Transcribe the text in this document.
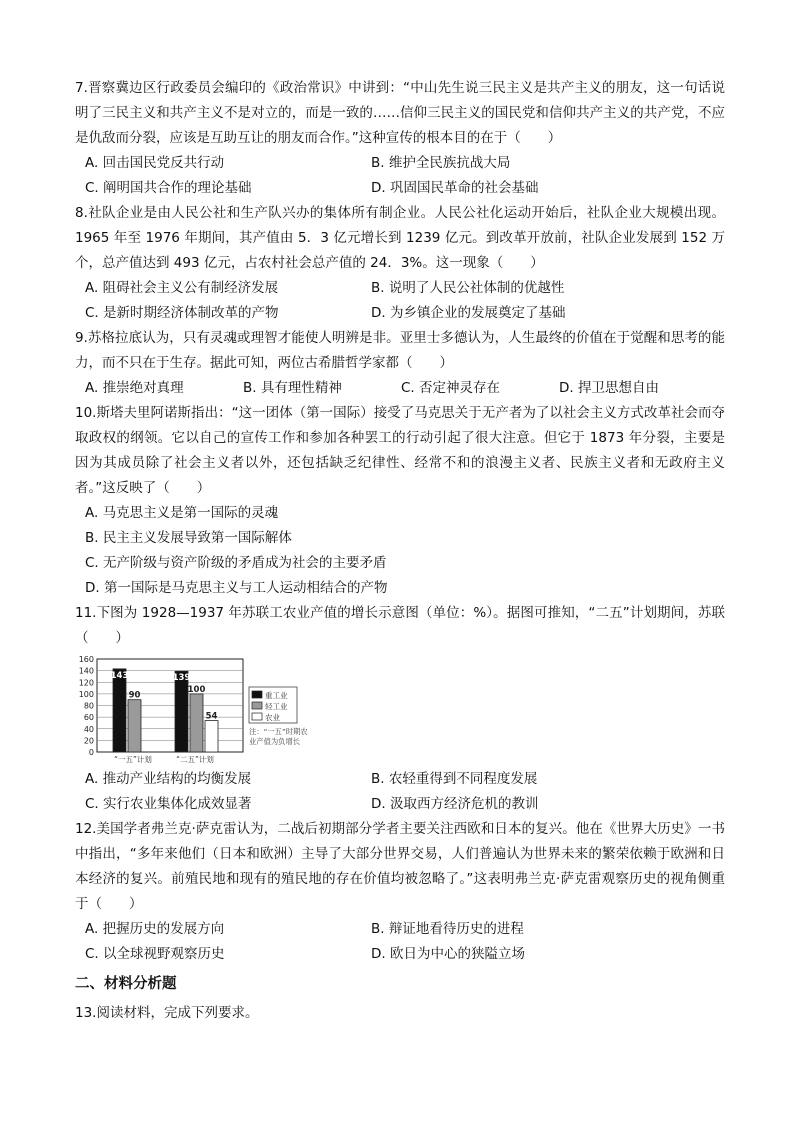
7.晋察冀边区行政委员会编印的《政治常识》中讲到：“中山先生说三民主义是共产主义的朋友，这一句话说明了三民主义和共产主义不是对立的，而是一致的……信仰三民主义的国民党和信仰共产主义的共产党，不应是仇敌而分裂，应该是互助互让的朋友而合作。”这种宣传的根本目的在于（　　）

A. 回击国民党反共行动	B. 维护全民族抗战大局
C. 阐明国共合作的理论基础	D. 巩固国民革命的社会基础

8.社队企业是由人民公社和生产队兴办的集体所有制企业。人民公社化运动开始后，社队企业大规模出现。1965 年至 1976 年期间，其产值由 5．3 亿元增长到 1239 亿元。到改革开放前，社队企业发展到 152 万个，总产值达到 493 亿元，占农村社会总产值的 24．3%。这一现象（　　）

A. 阻碍社会主义公有制经济发展	B. 说明了人民公社体制的优越性
C. 是新时期经济体制改革的产物	D. 为乡镇企业的发展奠定了基础

9.苏格拉底认为，只有灵魂或理智才能使人明辨是非。亚里士多德认为，人生最终的价值在于觉醒和思考的能力，而不只在于生存。据此可知，两位古希腊哲学家都（　　）

A. 推崇绝对真理	B. 具有理性精神	C. 否定神灵存在	D. 捍卫思想自由

10.斯塔夫里阿诺斯指出：“这一团体（第一国际）接受了马克思关于无产者为了以社会主义方式改革社会而夺取政权的纲领。它以自己的宣传工作和参加各种罢工的行动引起了很大注意。但它于 1873 年分裂，主要是因为其成员除了社会主义者以外，还包括缺乏纪律性、经常不和的浪漫主义者、民族主义者和无政府主义者。”这反映了（　　）

A. 马克思主义是第一国际的灵魂
B. 民主主义发展导致第一国际解体
C. 无产阶级与资产阶级的矛盾成为社会的主要矛盾
D. 第一国际是马克思主义与工人运动相结合的产物

11.下图为 1928—1937 年苏联工农业产值的增长示意图（单位：%）。据图可推知，“二五”计划期间，苏联（　　）

0
20
40
60
80
100
120
140
160
143
90
“一五”计划
139
100
54
“二五”计划
重工业
轻工业
农业
注：“一五”时期农
业产值为负增长
A. 推动产业结构的均衡发展	B. 农轻重得到不同程度发展
C. 实行农业集体化成效显著	D. 汲取西方经济危机的教训

12.美国学者弗兰克·萨克雷认为，二战后初期部分学者主要关注西欧和日本的复兴。他在《世界大历史》一书中指出，“多年来他们（日本和欧洲）主导了大部分世界交易，人们普遍认为世界未来的繁荣依赖于欧洲和日本经济的复兴。前殖民地和现有的殖民地的存在价值均被忽略了。”这表明弗兰克·萨克雷观察历史的视角侧重于（　　）

A. 把握历史的发展方向	B. 辩证地看待历史的进程
C. 以全球视野观察历史	D. 欧日为中心的狭隘立场
二、材料分析题

13.阅读材料，完成下列要求。
